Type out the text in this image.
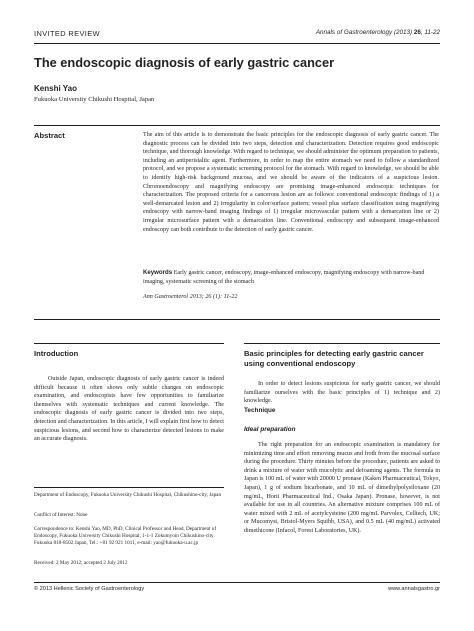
INVITED REVIEW	Annals of Gastroenterology (2013) 26, 11-22
The endoscopic diagnosis of early gastric cancer
Kenshi Yao
Fukuoka University Chikushi Hospital, Japan
Abstract	The aim of this article is to demonstrate the basic principles for the endoscopic diagnosis of early gastric cancer. The diagnostic process can be divided into two steps, detection and characterization. Detection requires good endoscopic technique, and thorough knowledge. With regard to technique, we should administer the optimum preparation to patients, including an antiperistaltic agent. Furthermore, in order to map the entire stomach we need to follow a standardized protocol, and we propose a systematic screening protocol for the stomach. With regard to knowledge, we should be able to identify high-risk background mucosa, and we should be aware of the indicators of a suspicious lesion. Chromoendoscopy and magnifying endoscopy are promising image-enhanced endoscopic techniques for characterization. The proposed criteria for a cancerous lesion are as follows: conventional endoscopic findings of 1) a well-demarcated lesion and 2) irregularity in color/surface pattern; vessel plus surface classification using magnifying endoscopy with narrow-band imaging findings of 1) irregular microvascular pattern with a demarcation line or 2) irregular microsurface pattern with a demarcation line. Conventional endoscopy and subsequent image-enhanced endoscopy can both contribute to the detection of early gastric cancer.
Keywords Early gastric cancer, endoscopy, image-enhanced endoscopy, magnifying endoscopy with narrow-band imaging, systematic screening of the stomach
Ann Gastroenterol 2013; 26 (1): 11-22
Introduction
Outside Japan, endoscopic diagnosis of early gastric cancer is indeed difficult because it often shows only subtle changes on endoscopic examination, and endoscopists have few opportunities to familiarize themselves with systematic techniques and current knowledge. The endoscopic diagnosis of early gastric cancer is divided into two steps, detection and characterization. In this article, I will explain first how to detect suspicious lesions, and second how to characterize detected lesions to make an accurate diagnosis.
Department of Endoscopy, Fukuoka University Chikushi Hospital, Chikushino-city, Japan
Conflict of Interest: None
Correspondence to: Kenshi Yao, MD, PhD, Clinical Professor and Head, Department of Endoscopy, Fukuoka University Chikushi Hospital, 1-1-1 Zokumyoin Chikushino-city Fukuoka 818-8502 Japan, Tel.: +81 92 921 1011, e-mail: yao@fukuoka-u.ac.jp
Received: 2 May 2012; accepted 2 July 2012
Basic principles for detecting early gastric cancer using conventional endoscopy
In order to detect lesions suspicious for early gastric cancer, we should familiarize ourselves with the basic principles of 1) technique and 2) knowledge.
Technique
Ideal preparation
The right preparation for an endoscopic examination is mandatory for minimizing time and effort removing mucus and froth from the mucosal surface during the procedure. Thirty minutes before the procedure, patients are asked to drink a mixture of water with mucolytic and defoaming agents. The formula in Japan is 100 mL of water with 20000 U pronase (Kaken Pharmaceutical, Tokyo, Japan), 1 g of sodium bicarbonate, and 10 mL of dimethylpolysiloxane (20 mg/mL, Horii Pharmaceutical Ind., Osaka Japan). Pronase, however, is not available for use in all countries. An alternative mixture comprises 100 mL of water mixed with 2 mL of acetylcysteine (200 mg/mL Parvolex, Celltech, UK; or Mucomyst, Bristol-Myers Squibb, USA), and 0.5 mL (40 mg/mL) activated dimethicone (Infacol, Forest Laboratories, UK).
© 2013 Hellenic Society of Gastroenterology	www.annalsgastro.gr
